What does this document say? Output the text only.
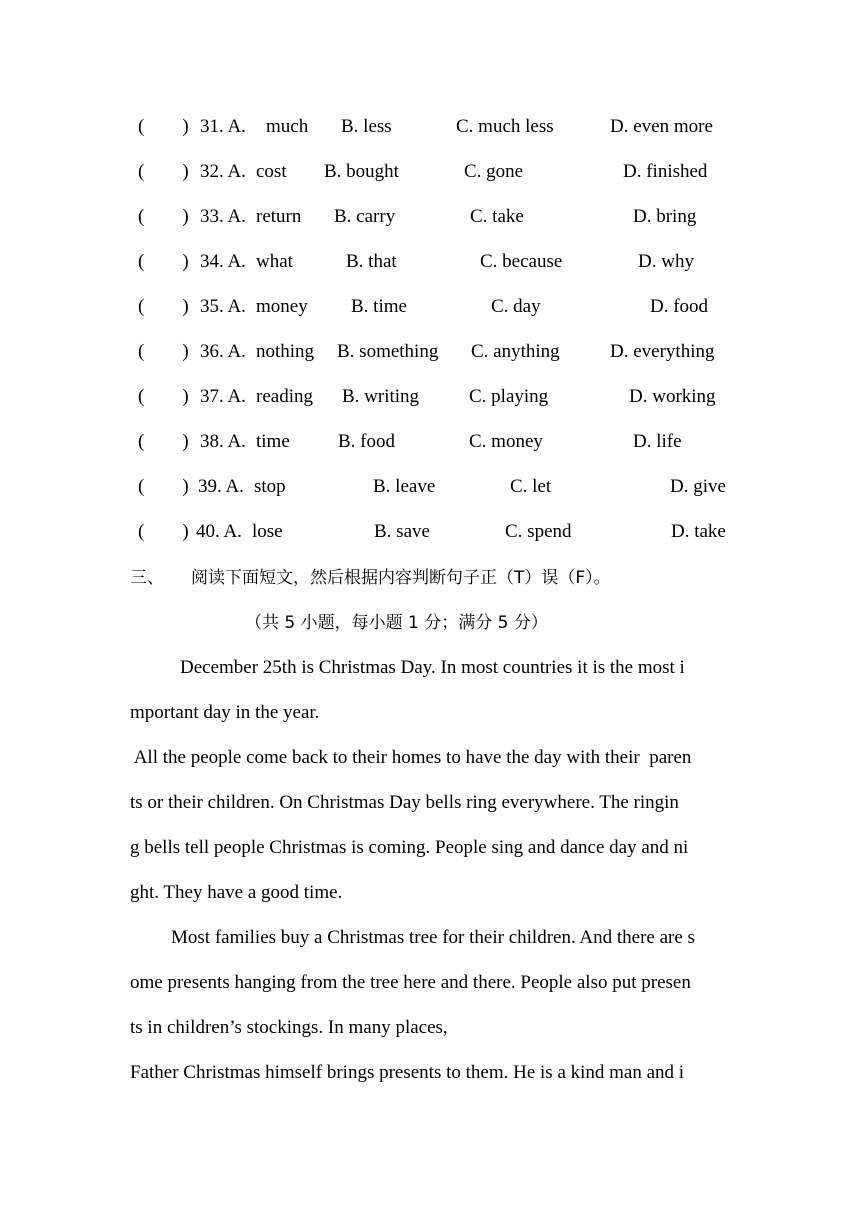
(        ) 31. A. much B. less	C. much less	D. even more
(        ) 32. A. cost B. bought	C. gone	D. finished
(        ) 33. A. return B. carry	C. take	D. bring
(        ) 34. A. what	B. that	C. because	D. why
(        ) 35. A. money B. time	C. day	D. food
(        ) 36. A. nothing B. something C. anything	D. everything
(        ) 37. A. reading B. writing	C. playing	D. working
(        ) 38. A. time	B. food	C. money	D. life
(        ) 39. A. stop	B. leave	C. let	D. give
(        ) 40. A. lose	B. save	C. spend	D. take
三、 阅读下面短文，然后根据内容判断句子正（T）误（F）。
（共 5 小题，每小题 1 分；满分 5 分）
December 25th is Christmas Day. In most countries it is the most i
mportant day in the year.
All the people come back to their homes to have the day with their  paren
ts or their children. On Christmas Day bells ring everywhere. The ringin
g bells tell people Christmas is coming. People sing and dance day and ni
ght. They have a good time.
Most families buy a Christmas tree for their children. And there are s
ome presents hanging from the tree here and there. People also put presen
ts in children’s stockings. In many places,
Father Christmas himself brings presents to them. He is a kind man and i
